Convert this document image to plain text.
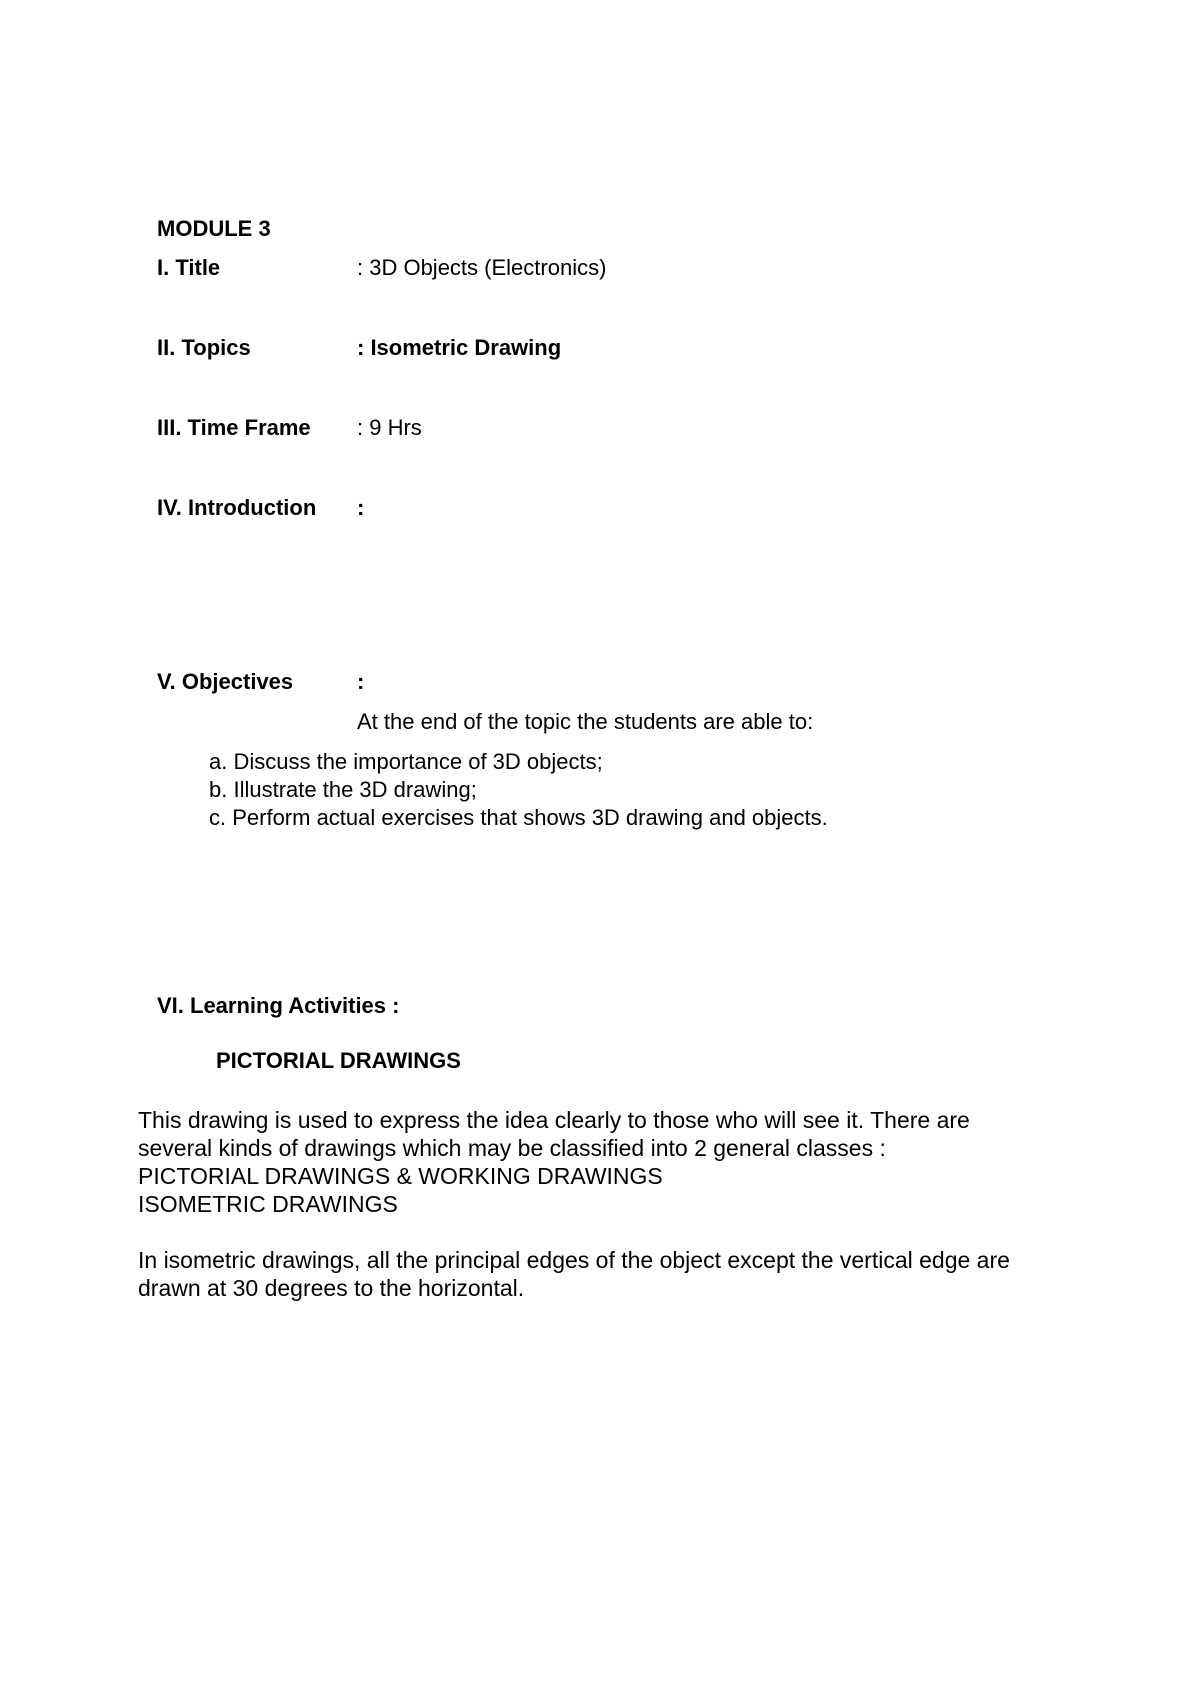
MODULE 3
I. Title	: 3D Objects (Electronics)
II. Topics	: Isometric Drawing
III. Time Frame : 9 Hrs
IV. Introduction :
V. Objectives	:
At the end of the topic the students are able to:
a. Discuss the importance of 3D objects;
b. Illustrate the 3D drawing;
c. Perform actual exercises that shows 3D drawing and objects.
VI. Learning Activities :
PICTORIAL DRAWINGS
This drawing is used to express the idea clearly to those who will see it. There are
several kinds of drawings which may be classified into 2 general classes :
PICTORIAL DRAWINGS & WORKING DRAWINGS
ISOMETRIC DRAWINGS
In isometric drawings, all the principal edges of the object except the vertical edge are
drawn at 30 degrees to the horizontal.
